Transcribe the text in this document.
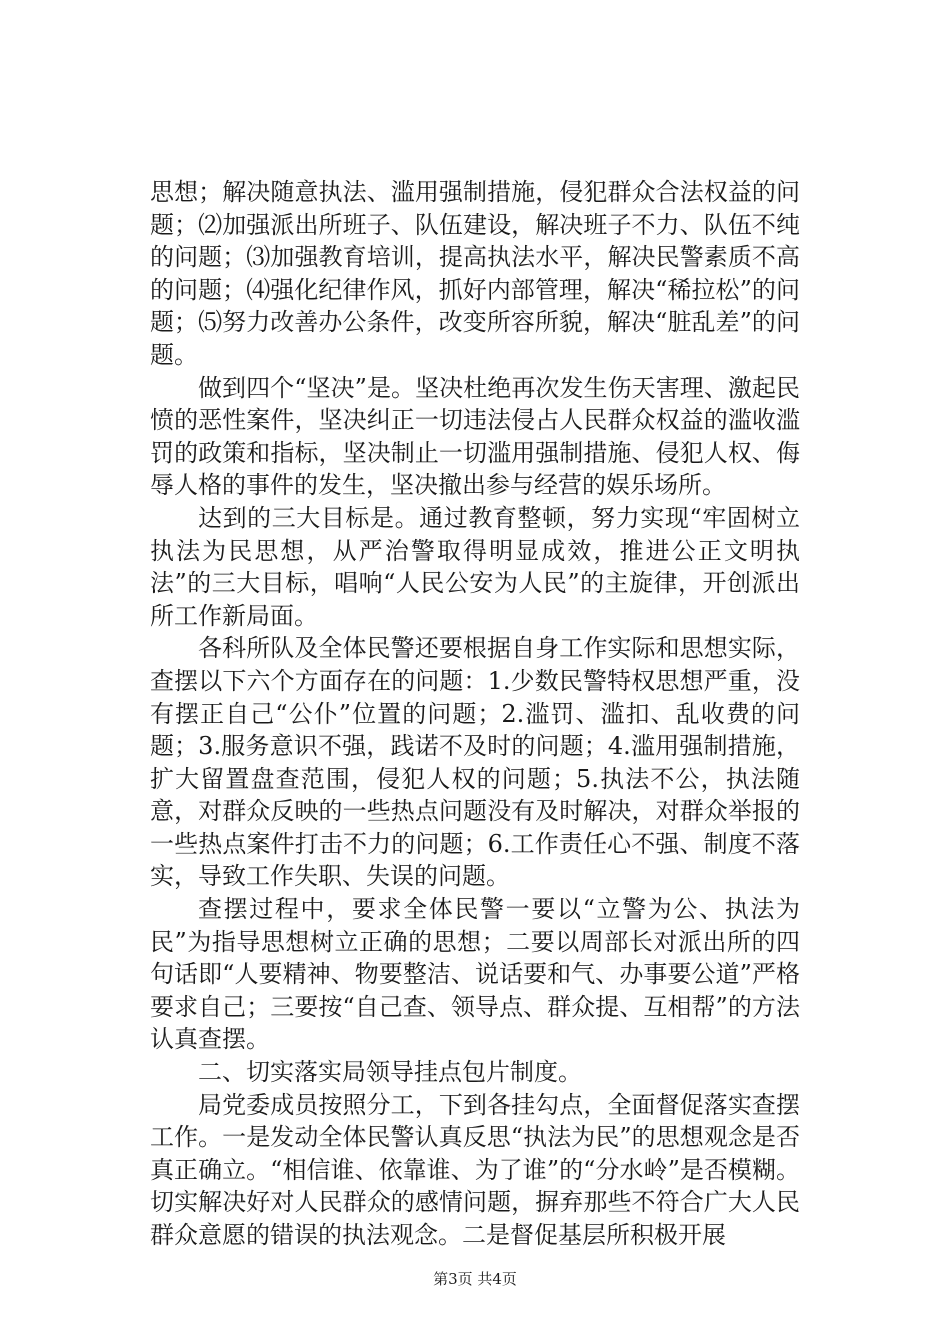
思想；解决随意执法、滥用强制措施，侵犯群众合法权益的问题；⑵加强派出所班子、队伍建设，解决班子不力、队伍不纯的问题；⑶加强教育培训，提高执法水平，解决民警素质不高的问题；⑷强化纪律作风，抓好内部管理，解决“稀拉松”的问题；⑸努力改善办公条件，改变所容所貌，解决“脏乱差”的问题。

做到四个“坚决”是。坚决杜绝再次发生伤天害理、激起民愤的恶性案件，坚决纠正一切违法侵占人民群众权益的滥收滥罚的政策和指标，坚决制止一切滥用强制措施、侵犯人权、侮辱人格的事件的发生，坚决撤出参与经营的娱乐场所。

达到的三大目标是。通过教育整顿，努力实现“牢固树立执法为民思想，从严治警取得明显成效，推进公正文明执法”的三大目标，唱响“人民公安为人民”的主旋律，开创派出所工作新局面。

各科所队及全体民警还要根据自身工作实际和思想实际，查摆以下六个方面存在的问题：1.少数民警特权思想严重，没有摆正自己“公仆”位置的问题；2.滥罚、滥扣、乱收费的问题；3.服务意识不强，践诺不及时的问题；4.滥用强制措施，扩大留置盘查范围，侵犯人权的问题；5.执法不公，执法随意，对群众反映的一些热点问题没有及时解决，对群众举报的一些热点案件打击不力的问题；6.工作责任心不强、制度不落实，导致工作失职、失误的问题。

查摆过程中，要求全体民警一要以“立警为公、执法为民”为指导思想树立正确的思想；二要以周部长对派出所的四句话即“人要精神、物要整洁、说话要和气、办事要公道”严格要求自己；三要按“自己查、领导点、群众提、互相帮”的方法认真查摆。

二、切实落实局领导挂点包片制度。

局党委成员按照分工，下到各挂勾点，全面督促落实查摆工作。一是发动全体民警认真反思“执法为民”的思想观念是否真正确立。“相信谁、依靠谁、为了谁”的“分水岭”是否模糊。切实解决好对人民群众的感情问题，摒弃那些不符合广大人民群众意愿的错误的执法观念。二是督促基层所积极开展

第3页 共4页
